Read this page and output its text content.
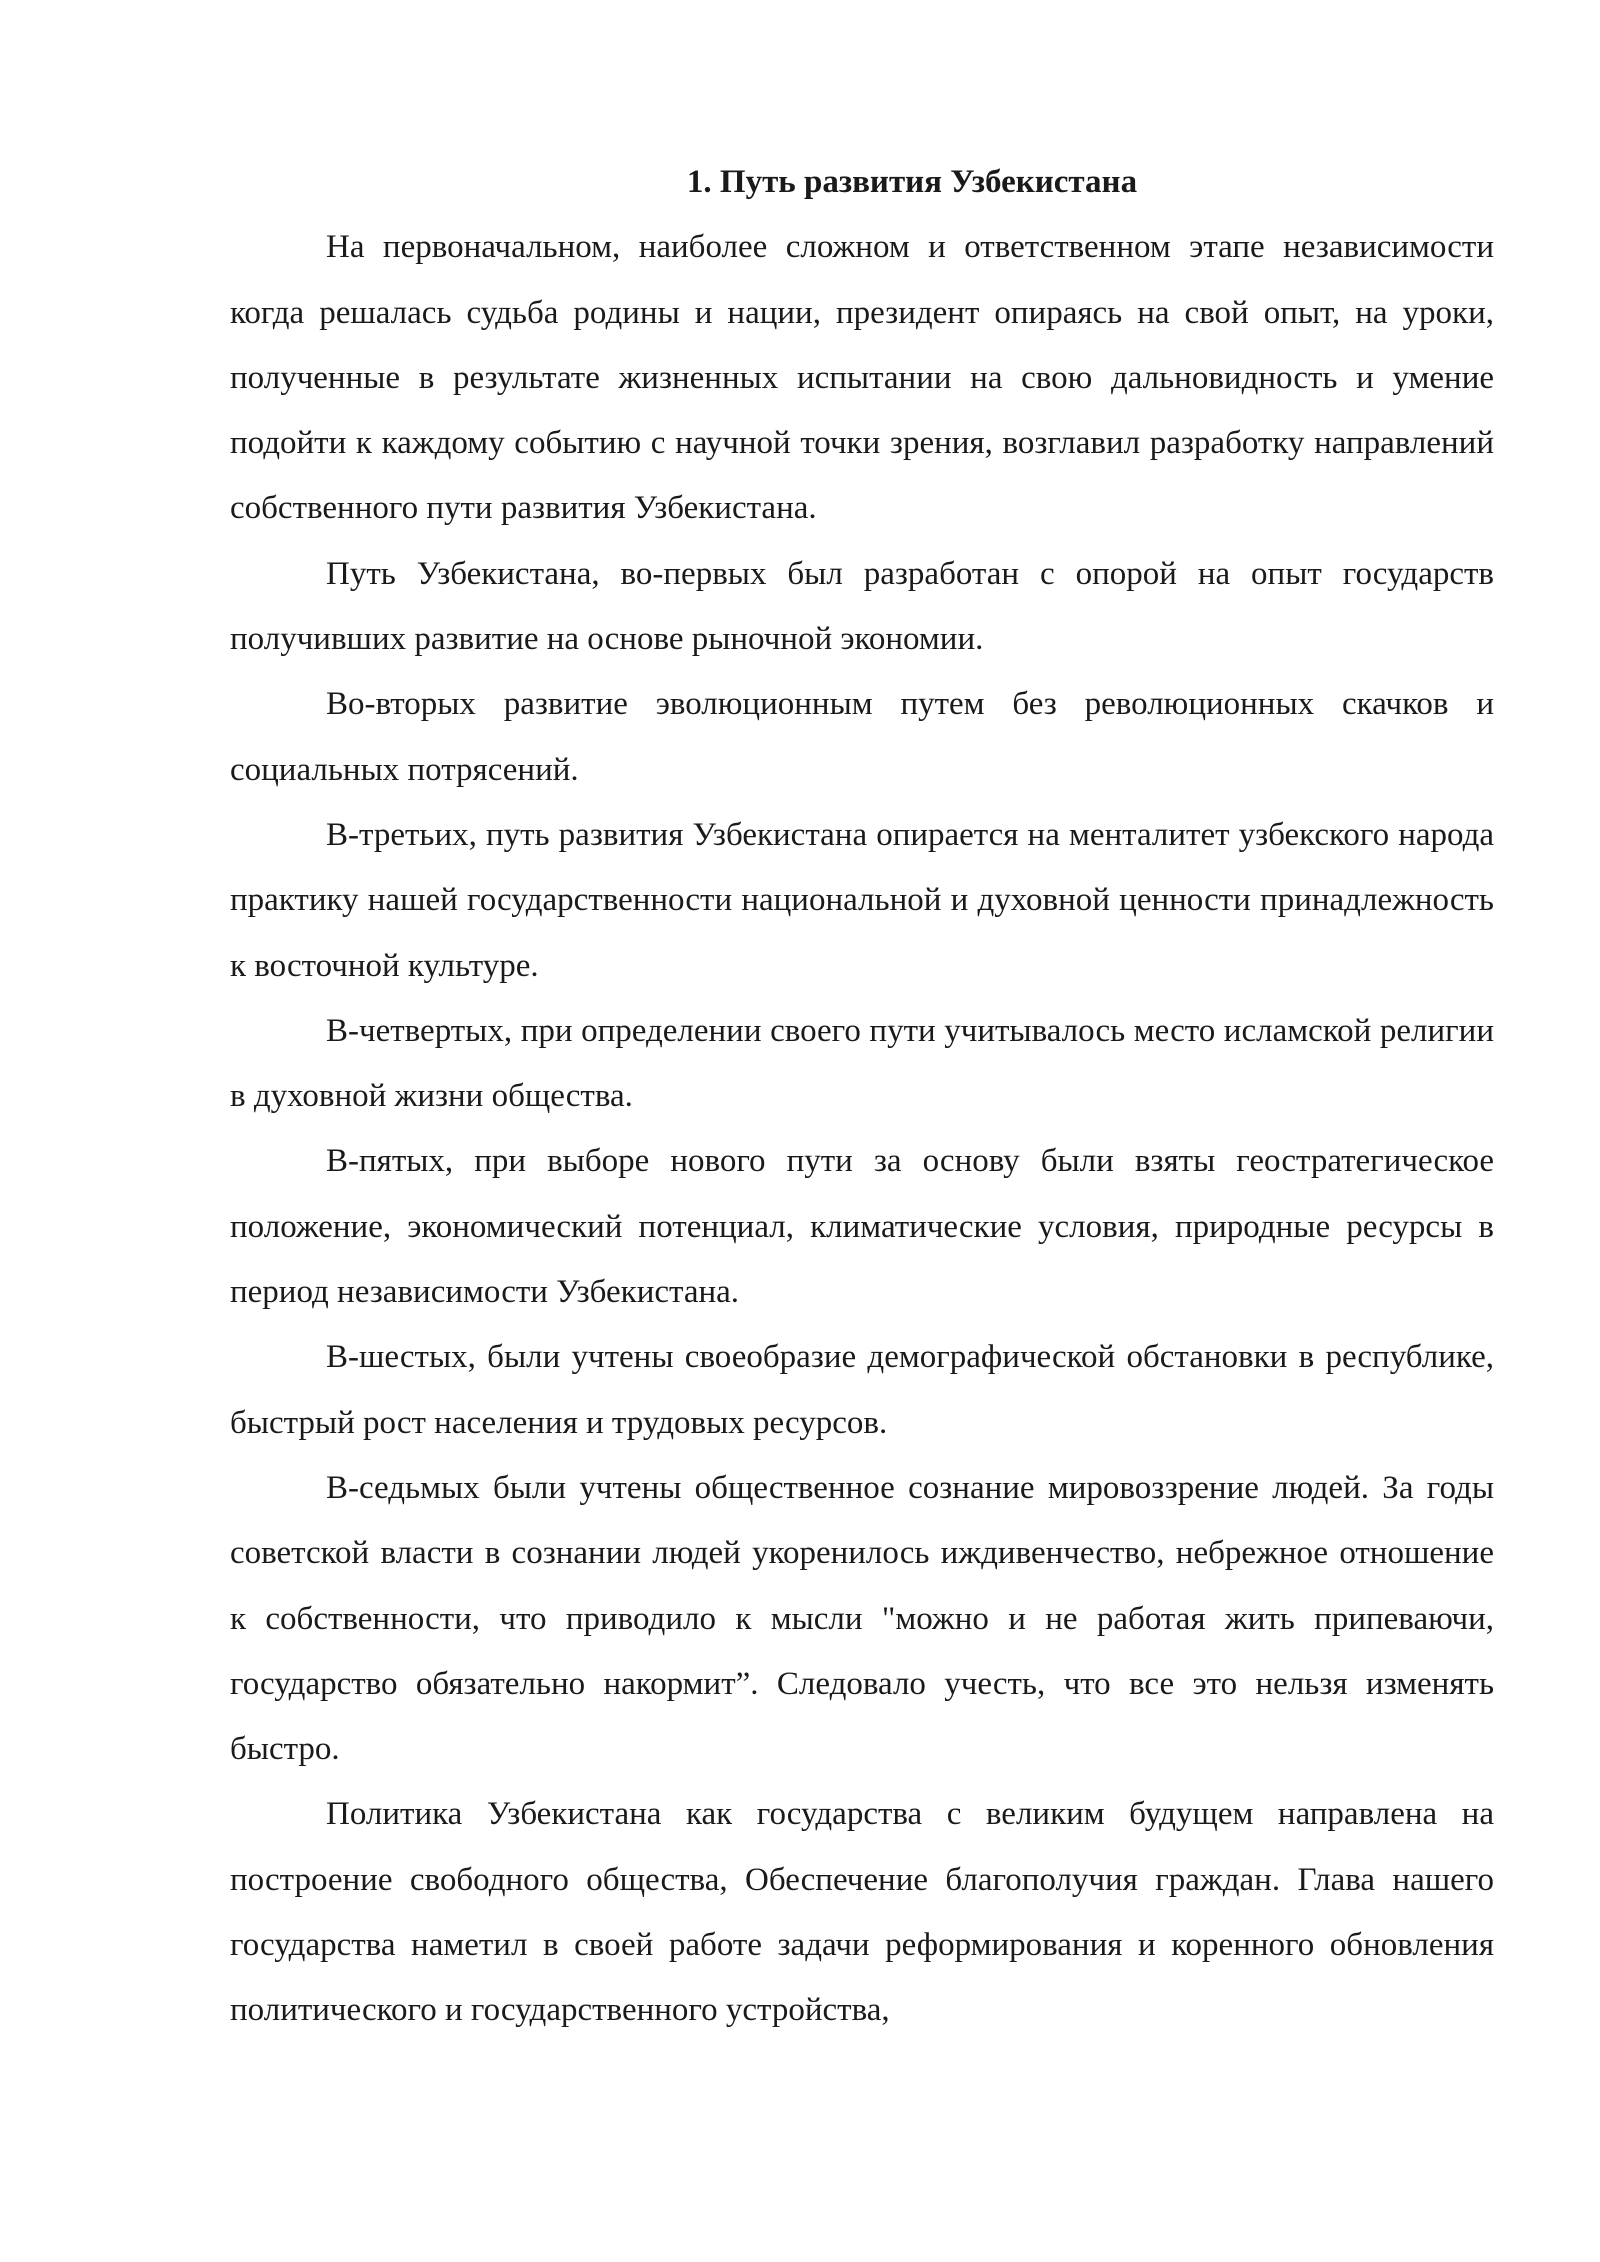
1. Путь развития Узбекистана

На первоначальном, наиболее сложном и ответственном этапе независимости когда решалась судьба родины и нации, президент опираясь на свой опыт, на уроки, полученные в результате жизненных испытании на свою дальновидность и умение подойти к каждому событию с научной точки зрения, возглавил разработку направлений собственного пути развития Узбекистана.

Путь Узбекистана, во-первых был разработан с опорой на опыт государств получивших развитие на основе рыночной экономии.

Во-вторых развитие эволюционным путем без революционных скачков и социальных потрясений.

В-третьих, путь развития Узбекистана опирается на менталитет узбекского народа практику нашей государственности национальной и духовной ценности принадлежность к восточной культуре.

В-четвертых, при определении своего пути учитывалось место исламской религии в духовной жизни общества.

В-пятых, при выборе нового пути за основу были взяты геостратегическое положение, экономический потенциал, климатические условия, природные ресурсы в период независимости Узбекистана.

В-шестых, были учтены своеобразие демографической обстановки в республике, быстрый рост населения и трудовых ресурсов.

В-седьмых были учтены общественное сознание мировоззрение людей. За годы советской власти в сознании людей укоренилось иждивенчество, небрежное отношение к собственности, что приводило к мысли "можно и не работая жить припеваючи, государство обязательно накормит”. Следовало учесть, что все это нельзя изменять быстро.

Политика Узбекистана как государства с великим будущем направлена на построение свободного общества, Обеспечение благополучия граждан. Глава нашего государства наметил в своей работе задачи реформирования и коренного обновления политического и государственного устройства,
